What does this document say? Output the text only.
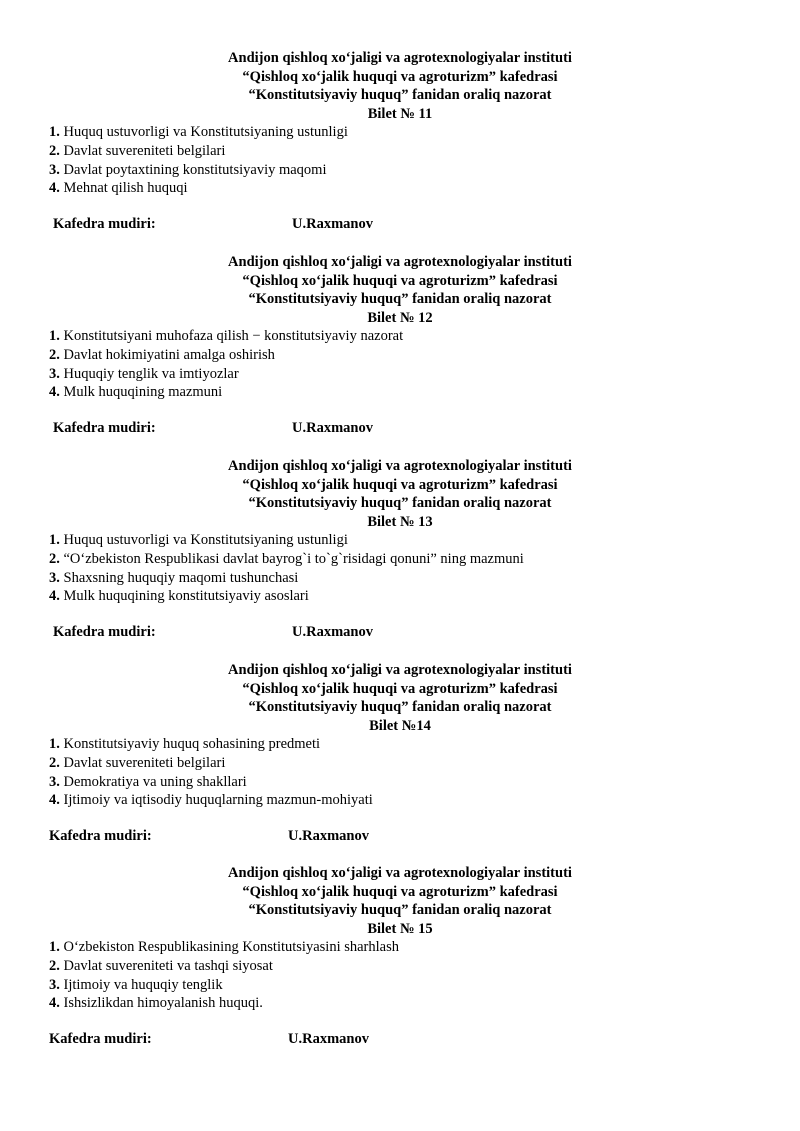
Andijon qishloq xo‘jaligi va agrotexnologiyalar instituti
“Qishloq xo‘jalik huquqi va agroturizm” kafedrasi
“Konstitutsiyaviy huquq” fanidan oraliq nazorat
Bilet № 11
1. Huquq ustuvorligi va Konstitutsiyaning ustunligi
2. Davlat suvereniteti belgilari
3. Davlat poytaxtining konstitutsiyaviy maqomi
4. Mehnat qilish huquqi
Kafedra mudiri:	U.Raxmanov
Andijon qishloq xo‘jaligi va agrotexnologiyalar instituti
“Qishloq xo‘jalik huquqi va agroturizm” kafedrasi
“Konstitutsiyaviy huquq” fanidan oraliq nazorat
Bilet № 12
1. Konstitutsiyani muhofaza qilish − konstitutsiyaviy nazorat
2. Davlat hokimiyatini amalga oshirish
3. Huquqiy tenglik va imtiyozlar
4. Mulk huquqining mazmuni
Kafedra mudiri:	U.Raxmanov
Andijon qishloq xo‘jaligi va agrotexnologiyalar instituti
“Qishloq xo‘jalik huquqi va agroturizm” kafedrasi
“Konstitutsiyaviy huquq” fanidan oraliq nazorat
Bilet № 13
1. Huquq ustuvorligi va Konstitutsiyaning ustunligi
2. “O‘zbekiston Respublikasi davlat bayrog`i to`g`risidagi qonuni” ning mazmuni
3. Shaxsning huquqiy maqomi tushunchasi
4. Mulk huquqining konstitutsiyaviy asoslari
Kafedra mudiri:	U.Raxmanov
Andijon qishloq xo‘jaligi va agrotexnologiyalar instituti
“Qishloq xo‘jalik huquqi va agroturizm” kafedrasi
“Konstitutsiyaviy huquq” fanidan oraliq nazorat
Bilet №14
1. Konstitutsiyaviy huquq sohasining predmeti
2. Davlat suvereniteti belgilari
3. Demokratiya va uning shakllari
4. Ijtimoiy va iqtisodiy huquqlarning mazmun-mohiyati
Kafedra mudiri:	U.Raxmanov
Andijon qishloq xo‘jaligi va agrotexnologiyalar instituti
“Qishloq xo‘jalik huquqi va agroturizm” kafedrasi
“Konstitutsiyaviy huquq” fanidan oraliq nazorat
Bilet № 15
1. O‘zbekiston Respublikasining Konstitutsiyasini sharhlash
2. Davlat suvereniteti va tashqi siyosat
3. Ijtimoiy va huquqiy tenglik
4. Ishsizlikdan himoyalanish huquqi.
Kafedra mudiri:	U.Raxmanov
